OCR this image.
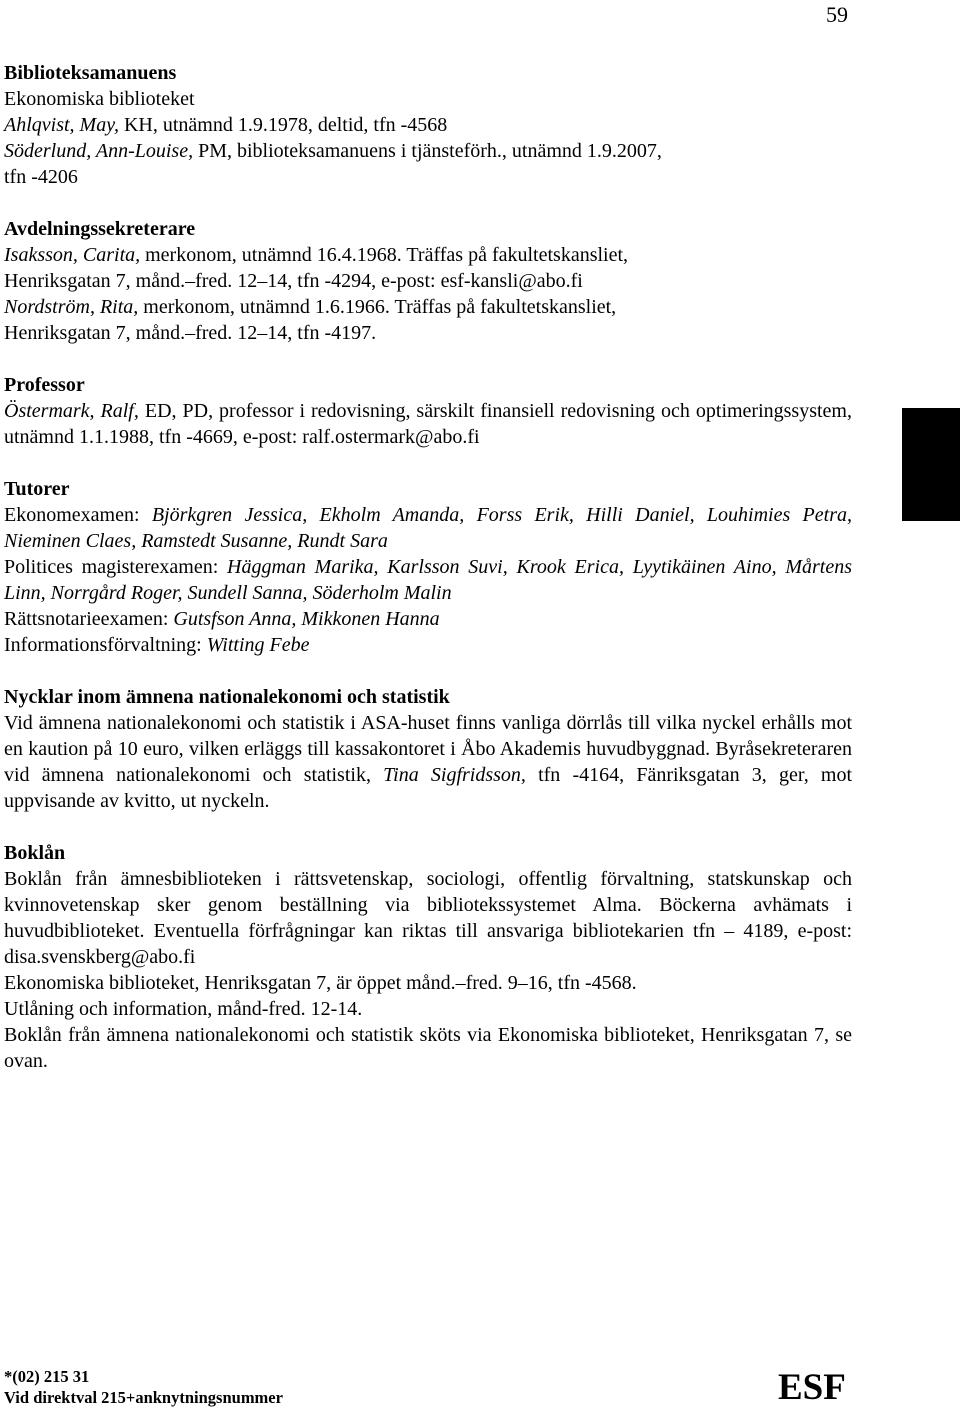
59

Biblioteksamanuens

Ekonomiska biblioteket

Ahlqvist, May, KH, utnämnd 1.9.1978, deltid, tfn -4568

Söderlund, Ann-Louise, PM, biblioteksamanuens i tjänsteförh., utnämnd 1.9.2007,

tfn -4206

Avdelningssekreterare

Isaksson, Carita, merkonom, utnämnd 16.4.1968. Träffas på fakultetskansliet,

Henriksgatan 7, månd.–fred. 12–14, tfn -4294, e-post: esf-kansli@abo.fi

Nordström, Rita, merkonom, utnämnd 1.6.1966. Träffas på fakultetskansliet,

Henriksgatan 7, månd.–fred. 12–14, tfn -4197.

Professor

Östermark, Ralf, ED, PD, professor i redovisning, särskilt finansiell redovisning och optimeringssystem, utnämnd 1.1.1988, tfn -4669, e-post: ralf.ostermark@abo.fi

Tutorer

Ekonomexamen: Björkgren Jessica, Ekholm Amanda, Forss Erik, Hilli Daniel, Louhimies Petra, Nieminen Claes, Ramstedt Susanne, Rundt Sara

Politices magisterexamen: Häggman Marika, Karlsson Suvi, Krook Erica, Lyytikäinen Aino, Mårtens Linn, Norrgård Roger, Sundell Sanna, Söderholm Malin

Rättsnotarieexamen: Gutsfson Anna, Mikkonen Hanna

Informationsförvaltning: Witting Febe

Nycklar inom ämnena nationalekonomi och statistik

Vid ämnena nationalekonomi och statistik i ASA-huset finns vanliga dörrlås till vilka nyckel erhålls mot en kaution på 10 euro, vilken erläggs till kassakontoret i Åbo Akademis huvudbyggnad. Byråsekreteraren vid ämnena nationalekonomi och statistik, Tina Sigfridsson, tfn -4164, Fänriksgatan 3, ger, mot uppvisande av kvitto, ut nyckeln.

Boklån

Boklån från ämnesbiblioteken i rättsvetenskap, sociologi, offentlig förvaltning, statskunskap och kvinnovetenskap sker genom beställning via bibliotekssystemet Alma. Böckerna avhämats i huvudbiblioteket. Eventuella förfrågningar kan riktas till ansvariga bibliotekarien tfn – 4189, e-post: disa.svenskberg@abo.fi

Ekonomiska biblioteket, Henriksgatan 7, är öppet månd.–fred. 9–16, tfn -4568.

Utlåning och information, månd-fred. 12-14.

Boklån från ämnena nationalekonomi och statistik sköts via Ekonomiska biblioteket, Henriksgatan 7, se ovan.

*(02) 215 31
Vid direktval 215+anknytningsnummer	ESF
